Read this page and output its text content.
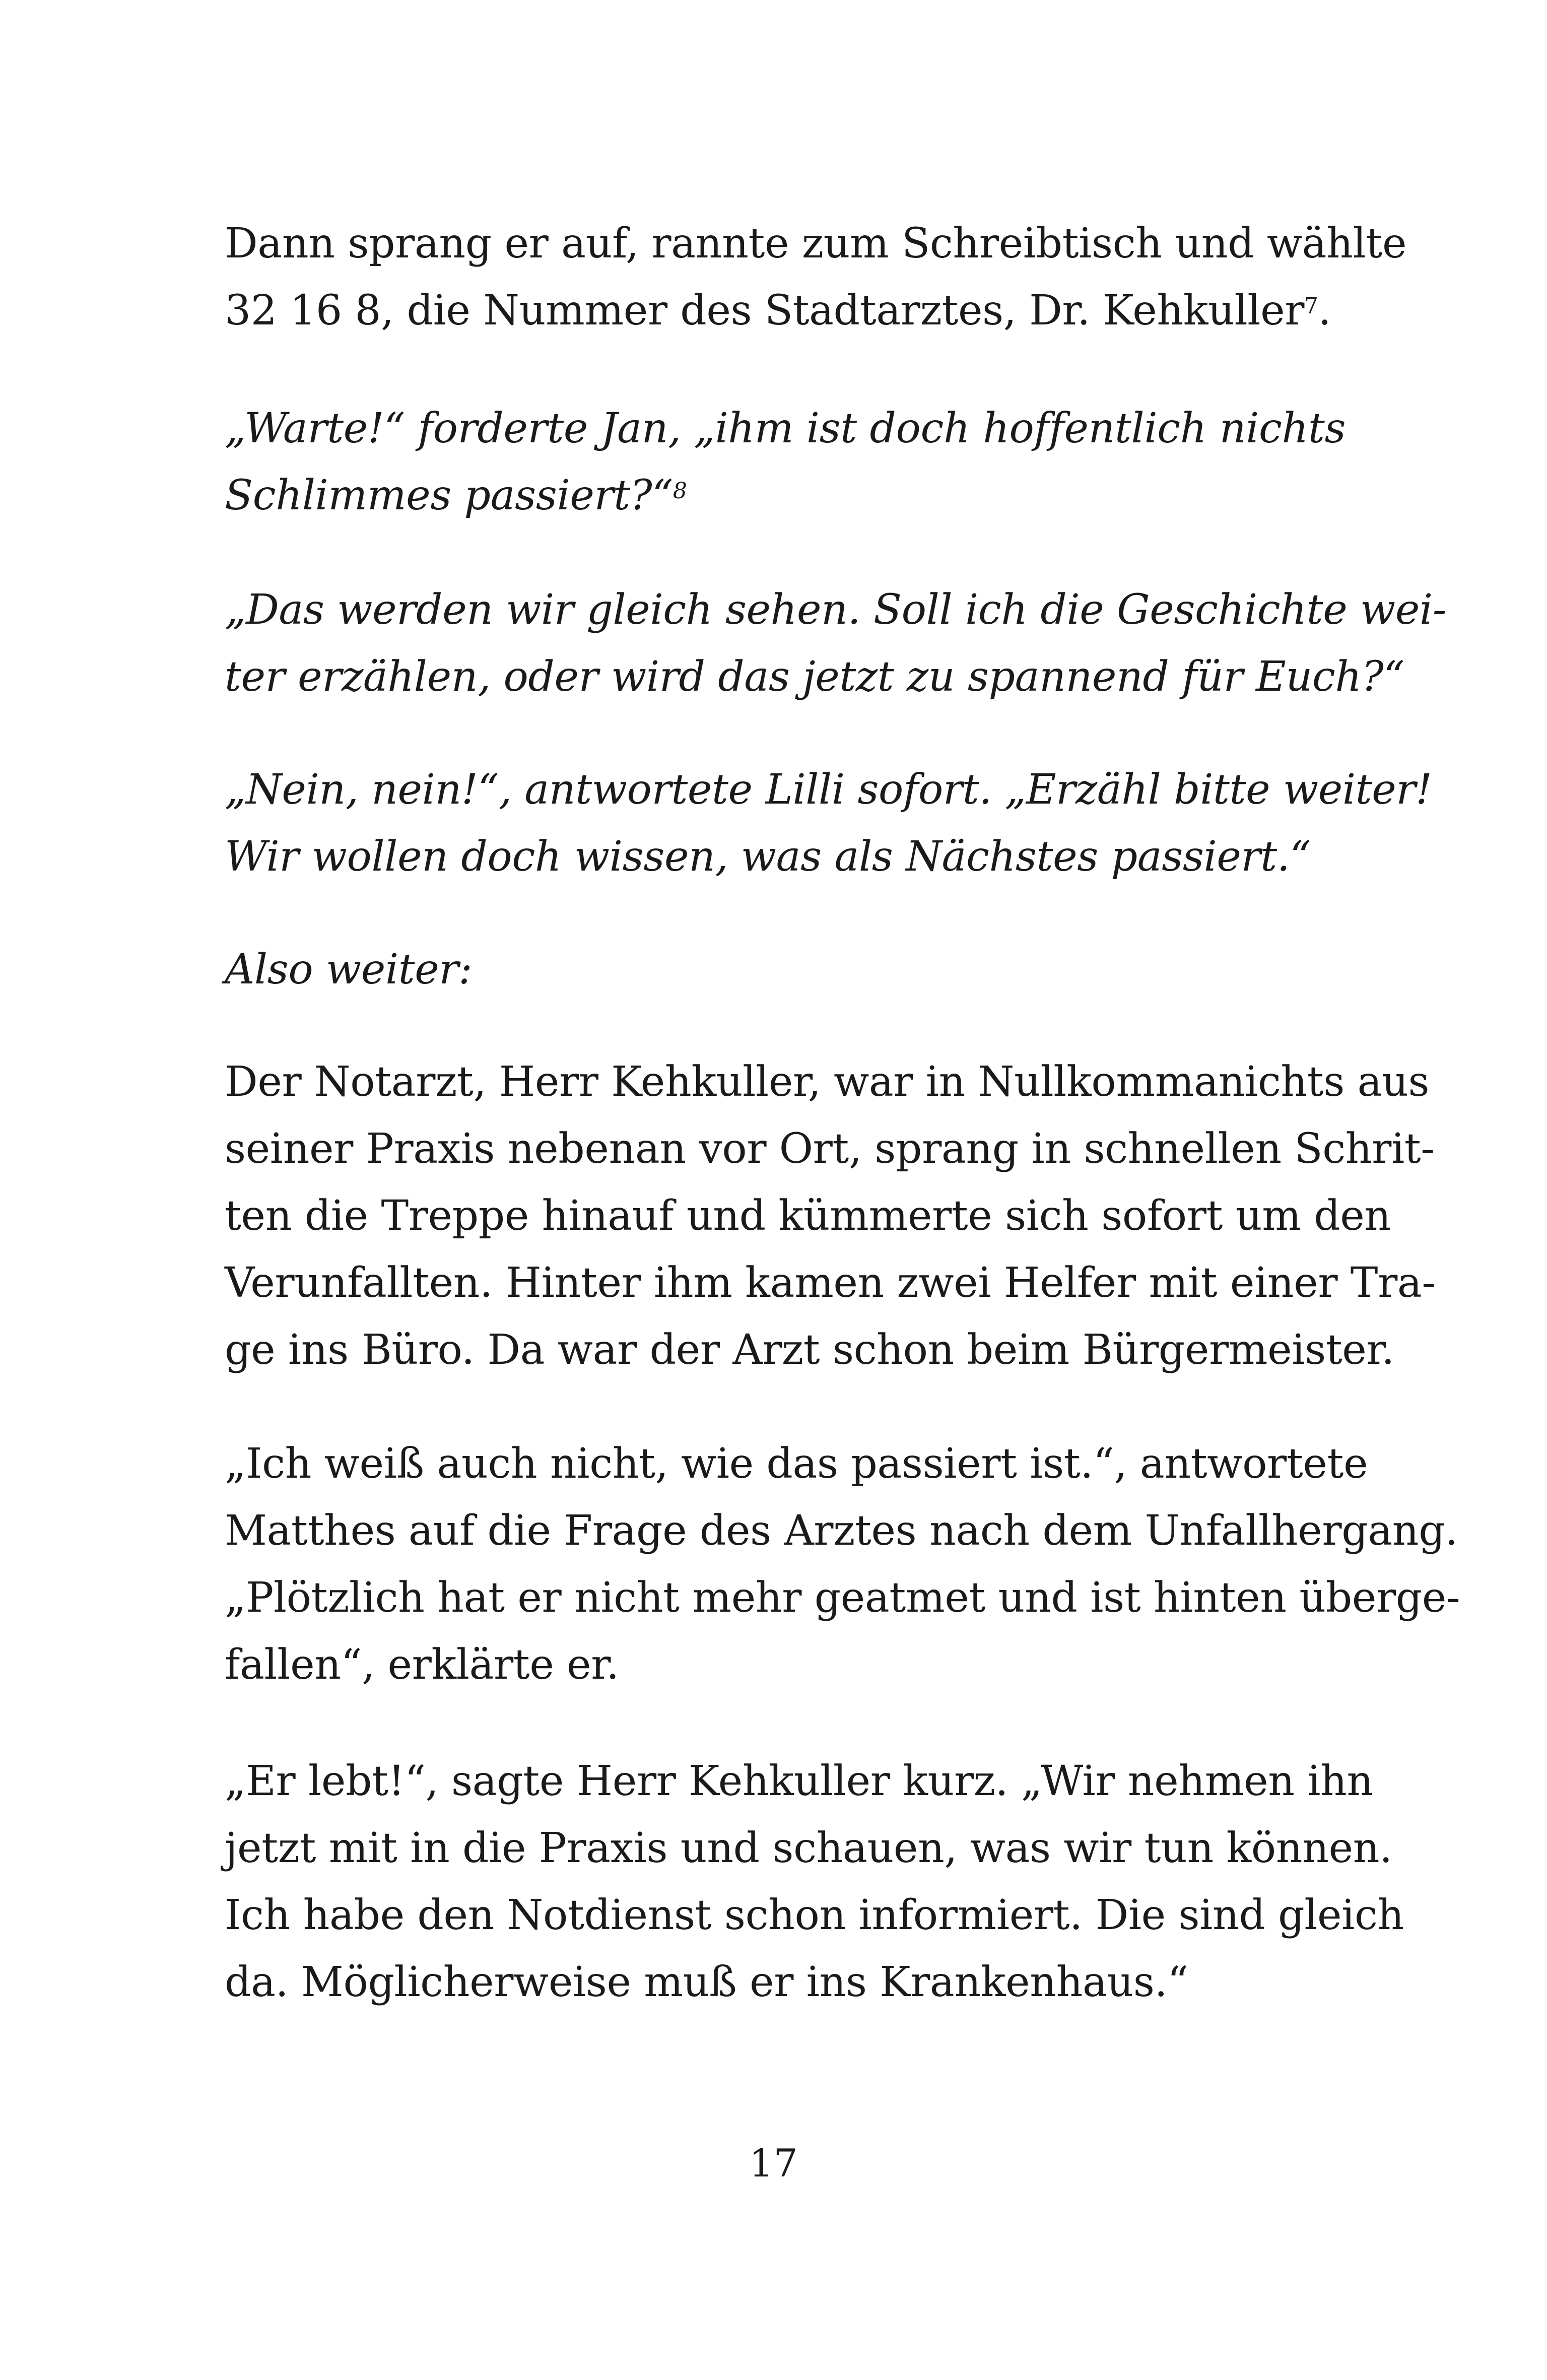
Dann sprang er auf, rannte zum Schreibtisch und wählte
32 16 8, die Nummer des Stadtarztes, Dr. Kehkuller$^7$.
„Warte!“ forderte Jan, „ihm ist doch hoffentlich nichts
Schlimmes passiert?“$^8$
„Das werden wir gleich sehen. Soll ich die Geschichte wei-
ter erzählen, oder wird das jetzt zu spannend für Euch?“
„Nein, nein!“, antwortete Lilli sofort. „Erzähl bitte weiter!
Wir wollen doch wissen, was als Nächstes passiert.“
Also weiter:
Der Notarzt, Herr Kehkuller, war in Nullkommanichts aus
seiner Praxis nebenan vor Ort, sprang in schnellen Schrit-
ten die Treppe hinauf und kümmerte sich sofort um den
Verunfallten. Hinter ihm kamen zwei Helfer mit einer Tra-
ge ins Büro. Da war der Arzt schon beim Bürgermeister.
„Ich weiß auch nicht, wie das passiert ist.“, antwortete
Matthes auf die Frage des Arztes nach dem Unfallhergang.
„Plötzlich hat er nicht mehr geatmet und ist hinten überge-
fallen“, erklärte er.
„Er lebt!“, sagte Herr Kehkuller kurz. „Wir nehmen ihn
jetzt mit in die Praxis und schauen, was wir tun können.
Ich habe den Notdienst schon informiert. Die sind gleich
da. Möglicherweise muß er ins Krankenhaus.“
17
